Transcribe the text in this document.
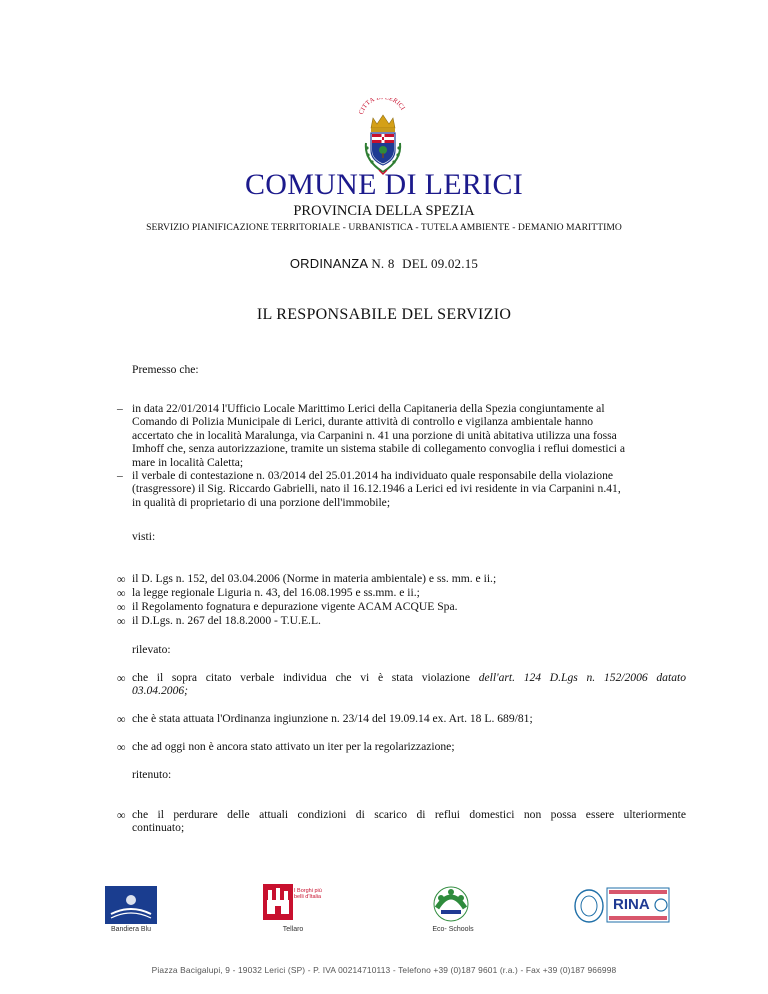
CITTÀ ERICI
COMUNE DI LERICI
PROVINCIA DELLA SPEZIA
SERVIZIO PIANIFICAZIONE TERRITORIALE - URBANISTICA - TUTELA AMBIENTE - DEMANIO MARITTIMO
ORDINANZA N. 8 DEL 09.02.15
IL RESPONSABILE DEL SERVIZIO
Premesso che:
– in data 22/01/2014 l'Ufficio Locale Marittimo Lerici della Capitaneria della Spezia congiuntamente al
Comando di Polizia Municipale di Lerici, durante attività di controllo e vigilanza ambientale hanno
accertato che in località Maralunga, via Carpanini n. 41 una porzione di unità abitativa utilizza una fossa
Imhoff che, senza autorizzazione, tramite un sistema stabile di collegamento convoglia i reflui domestici a
mare in località Caletta;
– il verbale di contestazione n. 03/2014 del 25.01.2014 ha individuato quale responsabile della violazione
(trasgressore) il Sig. Riccardo Gabrielli, nato il 16.12.1946 a Lerici ed ivi residente in via Carpanini n.41,
in qualità di proprietario di una porzione dell'immobile;
visti:
∞ il D. Lgs n. 152, del 03.04.2006 (Norme in materia ambientale) e ss. mm. e ii.;
∞ la legge regionale Liguria n. 43, del 16.08.1995 e ss.mm. e ii.;
∞ il Regolamento fognatura e depurazione vigente ACAM ACQUE Spa.
∞ il D.Lgs. n. 267 del 18.8.2000 - T.U.E.L.
rilevato:
∞ che il sopra citato verbale individua che vi è stata violazione dell'art. 124 D.Lgs n. 152/2006 datato
03.04.2006;
∞ che è stata attuata l'Ordinanza ingiunzione n. 23/14 del 19.09.14 ex. Art. 18 L. 689/81;
∞ che ad oggi non è ancora stato attivato un iter per la regolarizzazione;
ritenuto:
∞ che il perdurare delle attuali condizioni di scarico di reflui domestici non possa essere ulteriormente
continuato;
Bandiera Blu
I Borghi più belli d'Italia
Tellaro	Eco- Schools
RINA
Piazza Bacigalupi, 9 - 19032 Lerici (SP) - P. IVA 00214710113 - Telefono +39 (0)187 9601 (r.a.) - Fax +39 (0)187 966998
